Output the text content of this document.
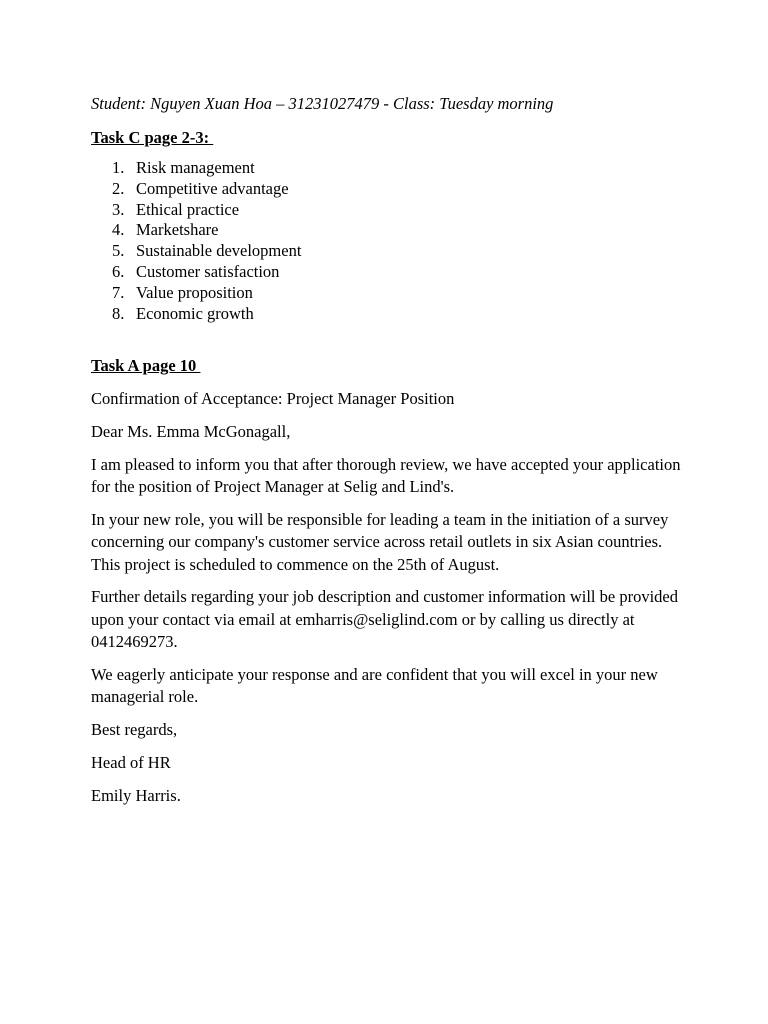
Student: Nguyen Xuan Hoa – 31231027479 - Class: Tuesday morning

Task C page 2-3:
1. Risk management
2. Competitive advantage
3. Ethical practice
4. Marketshare
5. Sustainable development
6. Customer satisfaction
7. Value proposition
8. Economic growth
Task A page 10

Confirmation of Acceptance: Project Manager Position

Dear Ms. Emma McGonagall,

I am pleased to inform you that after thorough review, we have accepted your application for the position of Project Manager at Selig and Lind's.

In your new role, you will be responsible for leading a team in the initiation of a survey concerning our company's customer service across retail outlets in six Asian countries. This project is scheduled to commence on the 25th of August.

Further details regarding your job description and customer information will be provided upon your contact via email at emharris@seliglind.com or by calling us directly at 0412469273.

We eagerly anticipate your response and are confident that you will excel in your new managerial role.

Best regards,

Head of HR

Emily Harris.
